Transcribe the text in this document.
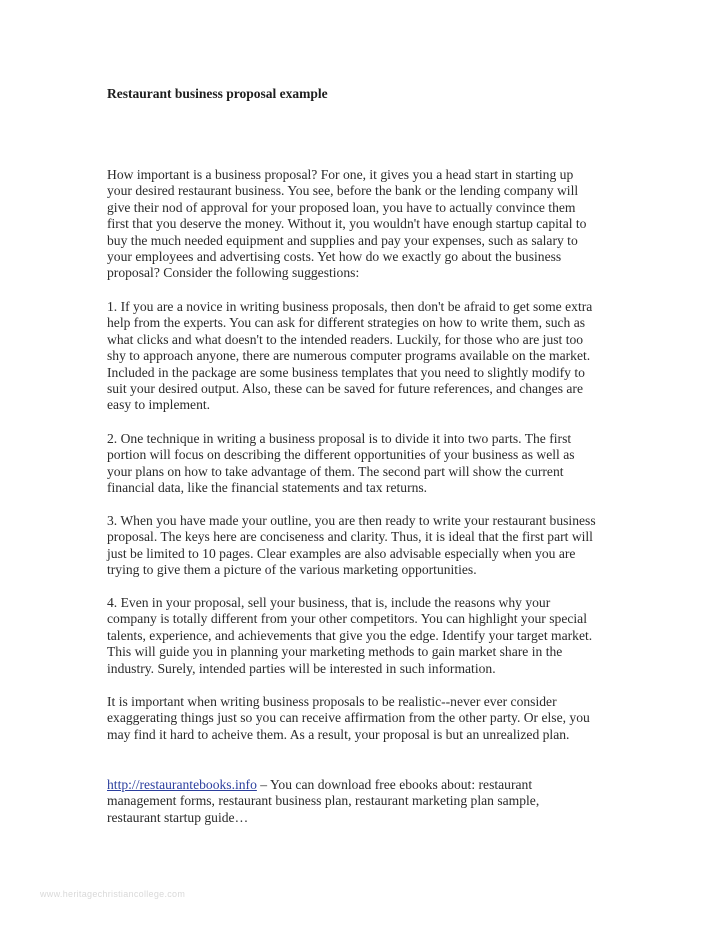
Restaurant business proposal example
How important is a business proposal? For one, it gives you a head start in starting up
your desired restaurant business. You see, before the bank or the lending company will
give their nod of approval for your proposed loan, you have to actually convince them
first that you deserve the money. Without it, you wouldn't have enough startup capital to
buy the much needed equipment and supplies and pay your expenses, such as salary to
your employees and advertising costs. Yet how do we exactly go about the business
proposal? Consider the following suggestions:
1. If you are a novice in writing business proposals, then don't be afraid to get some extra
help from the experts. You can ask for different strategies on how to write them, such as
what clicks and what doesn't to the intended readers. Luckily, for those who are just too
shy to approach anyone, there are numerous computer programs available on the market.
Included in the package are some business templates that you need to slightly modify to
suit your desired output. Also, these can be saved for future references, and changes are
easy to implement.
2. One technique in writing a business proposal is to divide it into two parts. The first
portion will focus on describing the different opportunities of your business as well as
your plans on how to take advantage of them. The second part will show the current
financial data, like the financial statements and tax returns.
3. When you have made your outline, you are then ready to write your restaurant business
proposal. The keys here are conciseness and clarity. Thus, it is ideal that the first part will
just be limited to 10 pages. Clear examples are also advisable especially when you are
trying to give them a picture of the various marketing opportunities.
4. Even in your proposal, sell your business, that is, include the reasons why your
company is totally different from your other competitors. You can highlight your special
talents, experience, and achievements that give you the edge. Identify your target market.
This will guide you in planning your marketing methods to gain market share in the
industry. Surely, intended parties will be interested in such information.
It is important when writing business proposals to be realistic--never ever consider
exaggerating things just so you can receive affirmation from the other party. Or else, you
may find it hard to acheive them. As a result, your proposal is but an unrealized plan.
http://restaurantebooks.info – You can download free ebooks about: restaurant
management forms, restaurant business plan, restaurant marketing plan sample,
restaurant startup guide…
www.heritagechristiancollege.com
